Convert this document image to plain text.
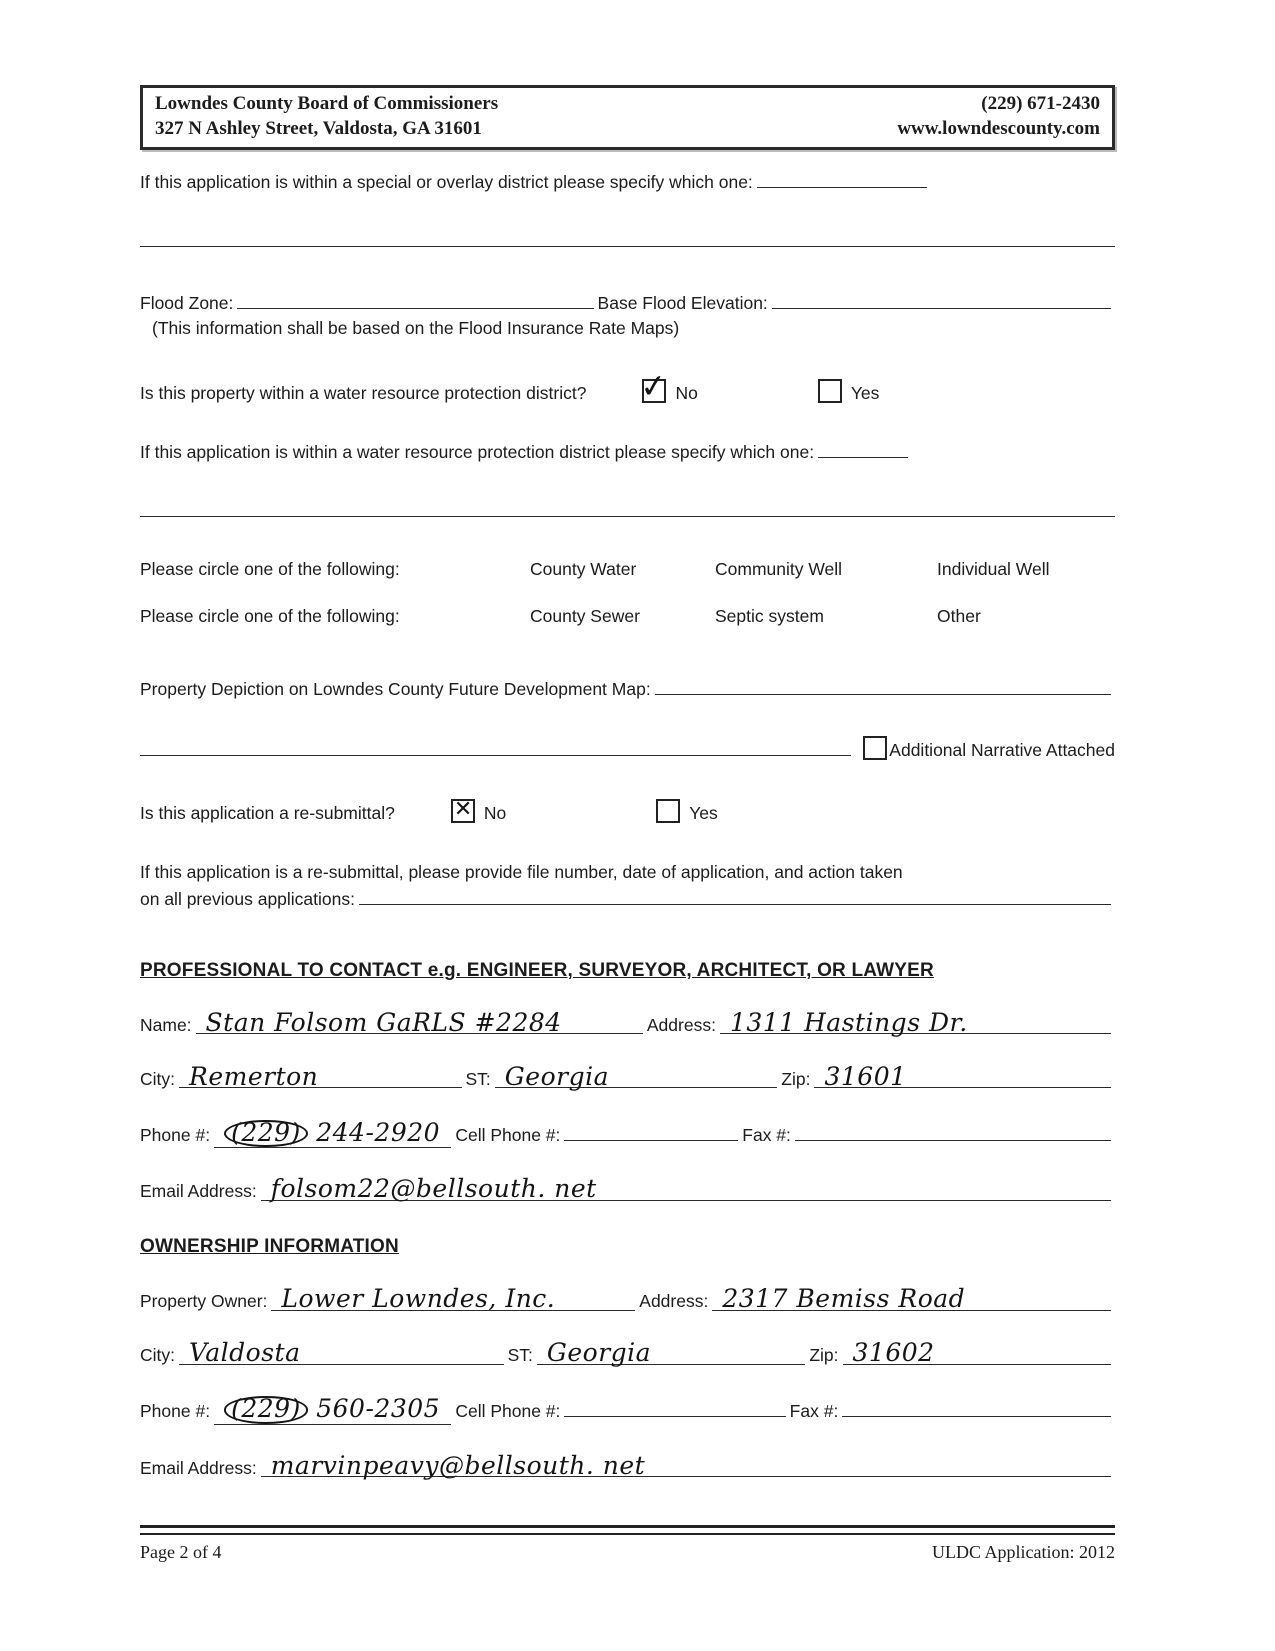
Lowndes County Board of Commissioners
327 N Ashley Street, Valdosta, GA 31601
(229) 671-2430
www.lowndescounty.com
If this application is within a special or overlay district please specify which one:
Flood Zone:	Base Flood Elevation:
(This information shall be based on the Flood Insurance Rate Maps)
Is this property within a water resource protection district? ✓ No	Yes
If this application is within a water resource protection district please specify which one:
Please circle one of the following:	County Water	Community Well	Individual Well
Please circle one of the following:	County Sewer	Septic system	Other
Property Depiction on Lowndes County Future Development Map:
Additional Narrative Attached
Is this application a re-submittal?	✕ No	Yes
If this application is a re-submittal, please provide file number, date of application, and action taken
on all previous applications:
PROFESSIONAL TO CONTACT e.g. ENGINEER, SURVEYOR, ARCHITECT, OR LAWYER
Name: Stan Folsom GaRLS #2284	Address: 1311 Hastings Dr.
City: Remerton	ST: Georgia	Zip: 31601
Phone #: (229) 244-2920 Cell Phone #:	Fax #:
Email Address: folsom22@bellsouth. net
OWNERSHIP INFORMATION
Property Owner: Lower Lowndes, Inc.	Address: 2317 Bemiss Road
City: Valdosta	ST: Georgia	Zip: 31602
Phone #: (229) 560-2305 Cell Phone #:	Fax #:
Email Address: marvinpeavy@bellsouth. net
Page 2 of 4	ULDC Application: 2012
